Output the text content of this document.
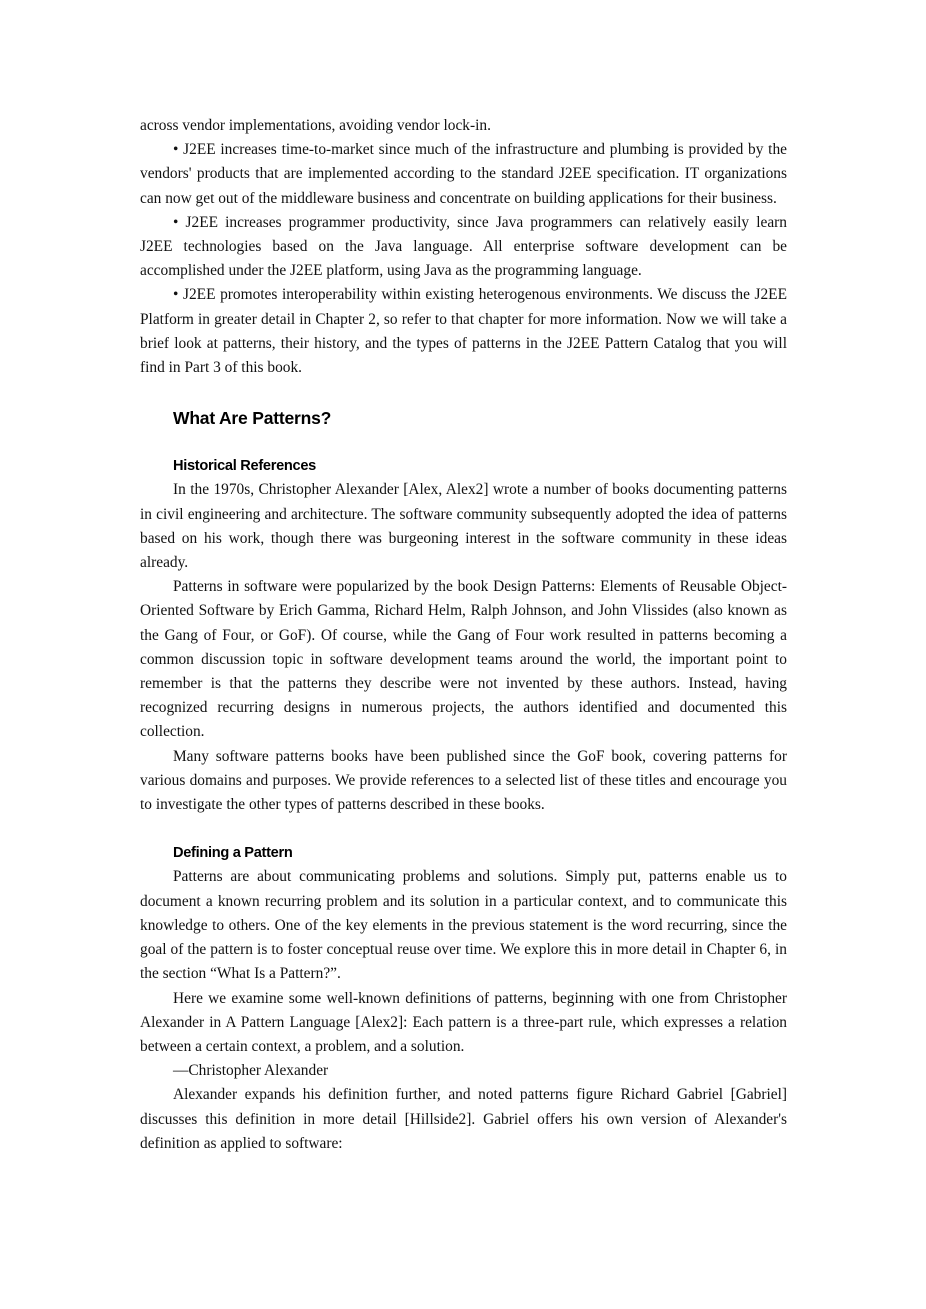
across vendor implementations, avoiding vendor lock-in.

• J2EE increases time-to-market since much of the infrastructure and plumbing is provided by the vendors' products that are implemented according to the standard J2EE specification. IT organizations can now get out of the middleware business and concentrate on building applications for their business.

• J2EE increases programmer productivity, since Java programmers can relatively easily learn J2EE technologies based on the Java language. All enterprise software development can be accomplished under the J2EE platform, using Java as the programming language.

• J2EE promotes interoperability within existing heterogenous environments. We discuss the J2EE Platform in greater detail in Chapter 2, so refer to that chapter for more information. Now we will take a brief look at patterns, their history, and the types of patterns in the J2EE Pattern Catalog that you will find in Part 3 of this book.

What Are Patterns?
Historical References

In the 1970s, Christopher Alexander [Alex, Alex2] wrote a number of books documenting patterns in civil engineering and architecture. The software community subsequently adopted the idea of patterns based on his work, though there was burgeoning interest in the software community in these ideas already.

Patterns in software were popularized by the book Design Patterns: Elements of Reusable Object-Oriented Software by Erich Gamma, Richard Helm, Ralph Johnson, and John Vlissides (also known as the Gang of Four, or GoF). Of course, while the Gang of Four work resulted in patterns becoming a common discussion topic in software development teams around the world, the important point to remember is that the patterns they describe were not invented by these authors. Instead, having recognized recurring designs in numerous projects, the authors identified and documented this collection.

Many software patterns books have been published since the GoF book, covering patterns for various domains and purposes. We provide references to a selected list of these titles and encourage you to investigate the other types of patterns described in these books.

Defining a Pattern

Patterns are about communicating problems and solutions. Simply put, patterns enable us to document a known recurring problem and its solution in a particular context, and to communicate this knowledge to others. One of the key elements in the previous statement is the word recurring, since the goal of the pattern is to foster conceptual reuse over time. We explore this in more detail in Chapter 6, in the section “What Is a Pattern?”.

Here we examine some well-known definitions of patterns, beginning with one from Christopher Alexander in A Pattern Language [Alex2]: Each pattern is a three-part rule, which expresses a relation between a certain context, a problem, and a solution.

—Christopher Alexander

Alexander expands his definition further, and noted patterns figure Richard Gabriel [Gabriel] discusses this definition in more detail [Hillside2]. Gabriel offers his own version of Alexander's definition as applied to software:
